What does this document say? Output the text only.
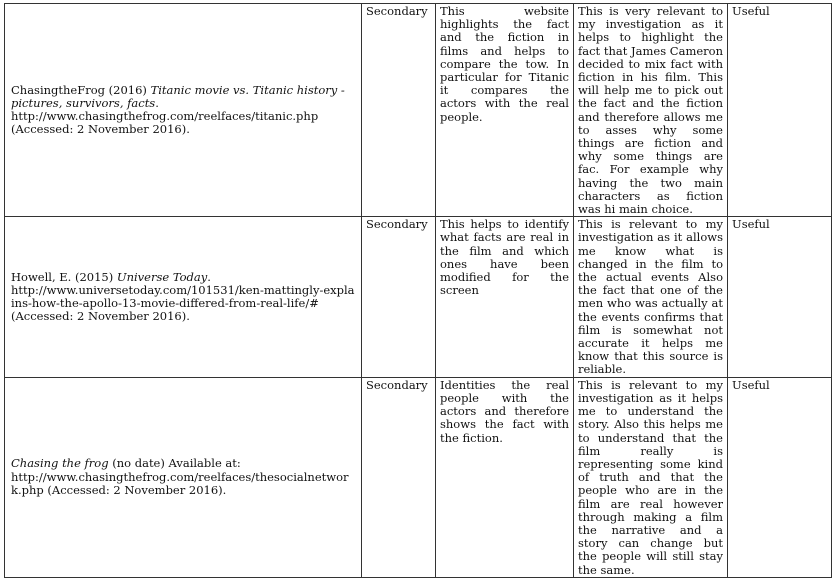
ChasingtheFrog (2016) Titanic movie vs. Titanic history - pictures, survivors, facts.
http://www.chasingthefrog.com/reelfaces/titanic.php (Accessed: 2 November 2016).	Secondary	This website highlights the fact and the fiction in films and helps to compare the tow. In particular for Titanic it compares the actors with the real people.	This is very relevant to my investigation as it helps to highlight the fact that James Cameron decided to mix fact with fiction in his film. This will help me to pick out the fact and the fiction and therefore allows me to asses why some things are fiction and why some things are fac. For example why having the two main characters as fiction was hi main choice.	Useful
Howell, E. (2015) Universe Today.
http://www.universetoday.com/101531/ken-mattingly-explains-how-the-apollo-13-movie-differed-from-real-life/# (Accessed: 2 November 2016).	Secondary	This helps to identify what facts are real in the film and which ones have been modified for the screen	This is relevant to my investigation as it allows me know what is changed in the film to the actual events Also the fact that one of the men who was actually at the events confirms that film is somewhat not accurate it helps me know that this source is reliable.	Useful
Chasing the frog (no date) Available at:
http://www.chasingthefrog.com/reelfaces/thesocialnetwork.php (Accessed: 2 November 2016).	Secondary	Identities the real people with the actors and therefore shows the fact with the fiction.	This is relevant to my investigation as it helps me to understand the story. Also this helps me to understand that the film really is representing some kind of truth and that the people who are in the film are real however through making a film the narrative and a story can change but the people will still stay the same.	Useful
